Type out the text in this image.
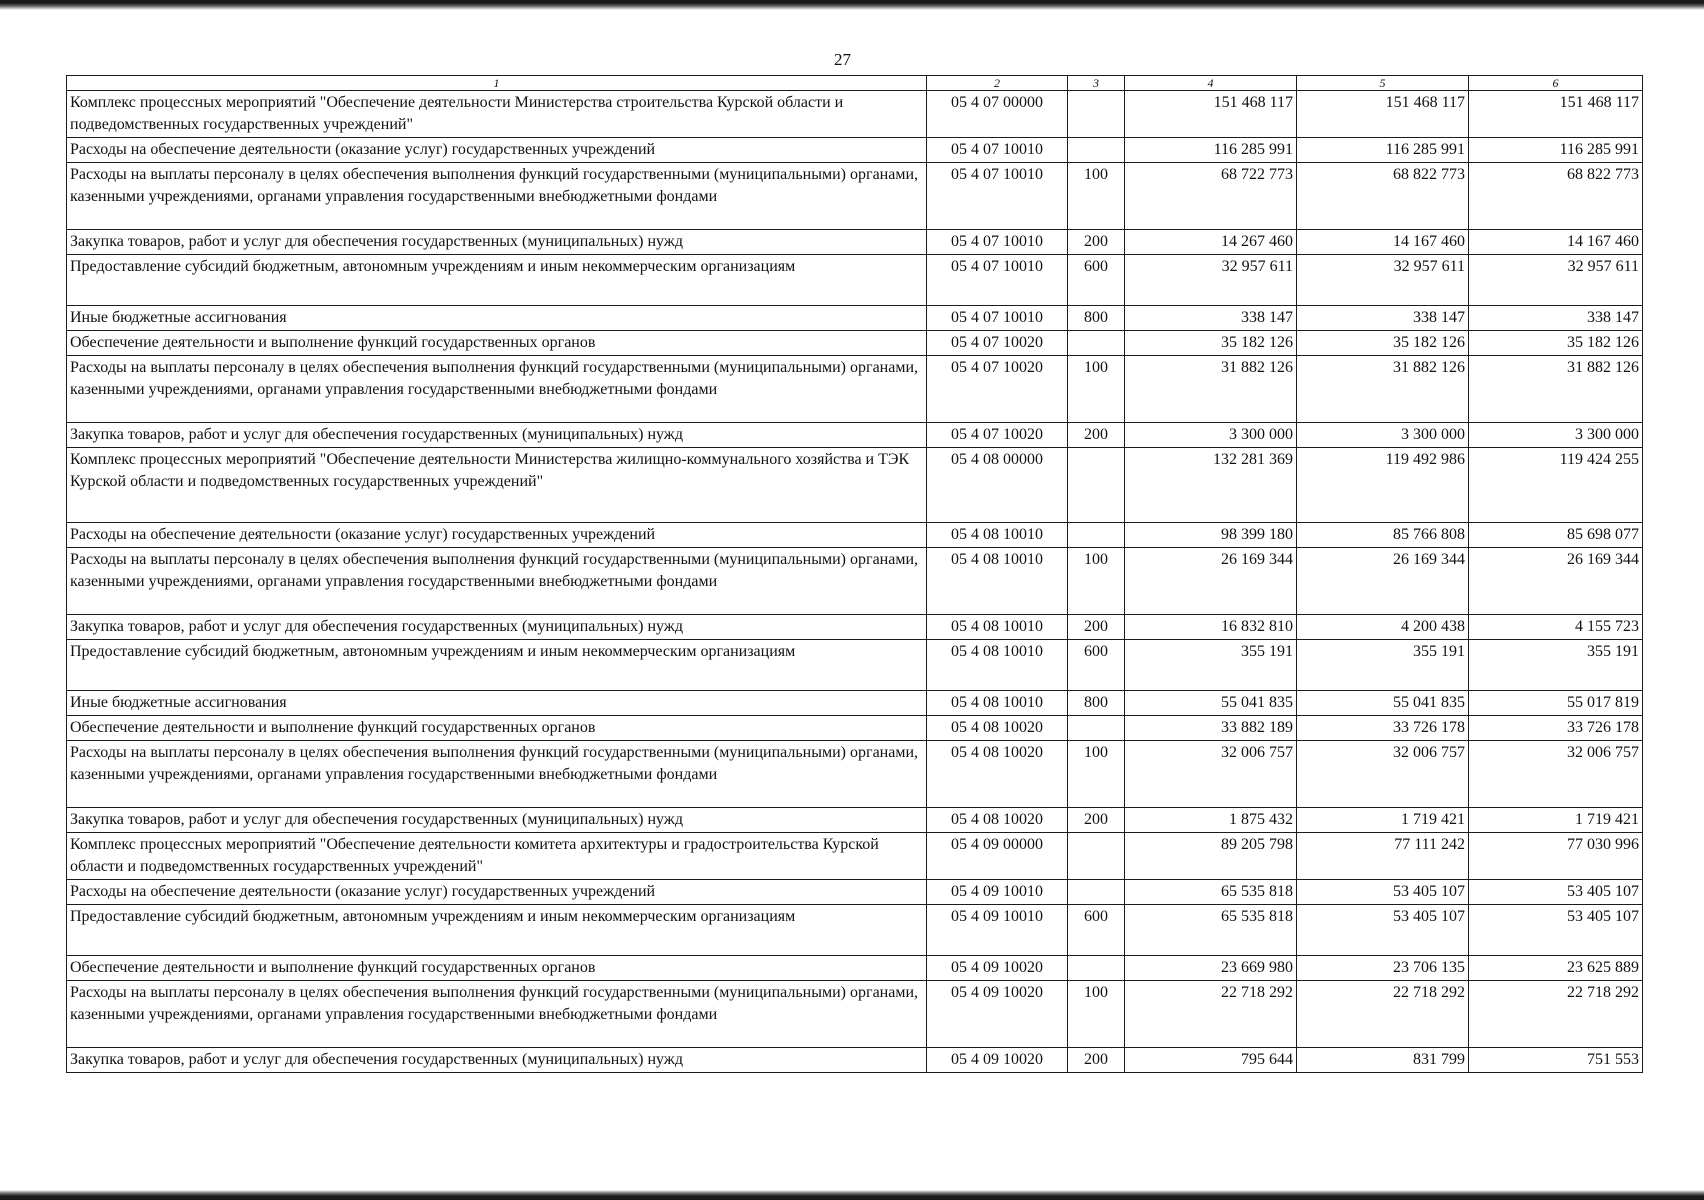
27
1	2	3	4	5	6
Комплекс процессных мероприятий "Обеспечение деятельности Министерства строительства Курской области и подведомственных государственных учреждений"	05 4 07 00000		151 468 117	151 468 117	151 468 117
Расходы на обеспечение деятельности (оказание услуг) государственных учреждений	05 4 07 10010		116 285 991	116 285 991	116 285 991
Расходы на выплаты персоналу в целях обеспечения выполнения функций государственными (муниципальными) органами, казенными учреждениями, органами управления государственными внебюджетными фондами	05 4 07 10010	100	68 722 773	68 822 773	68 822 773
Закупка товаров, работ и услуг для обеспечения государственных (муниципальных) нужд	05 4 07 10010	200	14 267 460	14 167 460	14 167 460
Предоставление субсидий бюджетным, автономным учреждениям и иным некоммерческим организациям	05 4 07 10010	600	32 957 611	32 957 611	32 957 611
Иные бюджетные ассигнования	05 4 07 10010	800	338 147	338 147	338 147
Обеспечение деятельности и выполнение функций государственных органов	05 4 07 10020		35 182 126	35 182 126	35 182 126
Расходы на выплаты персоналу в целях обеспечения выполнения функций государственными (муниципальными) органами, казенными учреждениями, органами управления государственными внебюджетными фондами	05 4 07 10020	100	31 882 126	31 882 126	31 882 126
Закупка товаров, работ и услуг для обеспечения государственных (муниципальных) нужд	05 4 07 10020	200	3 300 000	3 300 000	3 300 000
Комплекс процессных мероприятий "Обеспечение деятельности Министерства жилищно-коммунального хозяйства и ТЭК Курской области и подведомственных государственных учреждений"	05 4 08 00000		132 281 369	119 492 986	119 424 255
Расходы на обеспечение деятельности (оказание услуг) государственных учреждений	05 4 08 10010		98 399 180	85 766 808	85 698 077
Расходы на выплаты персоналу в целях обеспечения выполнения функций государственными (муниципальными) органами, казенными учреждениями, органами управления государственными внебюджетными фондами	05 4 08 10010	100	26 169 344	26 169 344	26 169 344
Закупка товаров, работ и услуг для обеспечения государственных (муниципальных) нужд	05 4 08 10010	200	16 832 810	4 200 438	4 155 723
Предоставление субсидий бюджетным, автономным учреждениям и иным некоммерческим организациям	05 4 08 10010	600	355 191	355 191	355 191
Иные бюджетные ассигнования	05 4 08 10010	800	55 041 835	55 041 835	55 017 819
Обеспечение деятельности и выполнение функций государственных органов	05 4 08 10020		33 882 189	33 726 178	33 726 178
Расходы на выплаты персоналу в целях обеспечения выполнения функций государственными (муниципальными) органами, казенными учреждениями, органами управления государственными внебюджетными фондами	05 4 08 10020	100	32 006 757	32 006 757	32 006 757
Закупка товаров, работ и услуг для обеспечения государственных (муниципальных) нужд	05 4 08 10020	200	1 875 432	1 719 421	1 719 421
Комплекс процессных мероприятий "Обеспечение деятельности комитета архитектуры и градостроительства Курской области и подведомственных государственных учреждений"	05 4 09 00000		89 205 798	77 111 242	77 030 996
Расходы на обеспечение деятельности (оказание услуг) государственных учреждений	05 4 09 10010		65 535 818	53 405 107	53 405 107
Предоставление субсидий бюджетным, автономным учреждениям и иным некоммерческим организациям	05 4 09 10010	600	65 535 818	53 405 107	53 405 107
Обеспечение деятельности и выполнение функций государственных органов	05 4 09 10020		23 669 980	23 706 135	23 625 889
Расходы на выплаты персоналу в целях обеспечения выполнения функций государственными (муниципальными) органами, казенными учреждениями, органами управления государственными внебюджетными фондами	05 4 09 10020	100	22 718 292	22 718 292	22 718 292
Закупка товаров, работ и услуг для обеспечения государственных (муниципальных) нужд	05 4 09 10020	200	795 644	831 799	751 553
